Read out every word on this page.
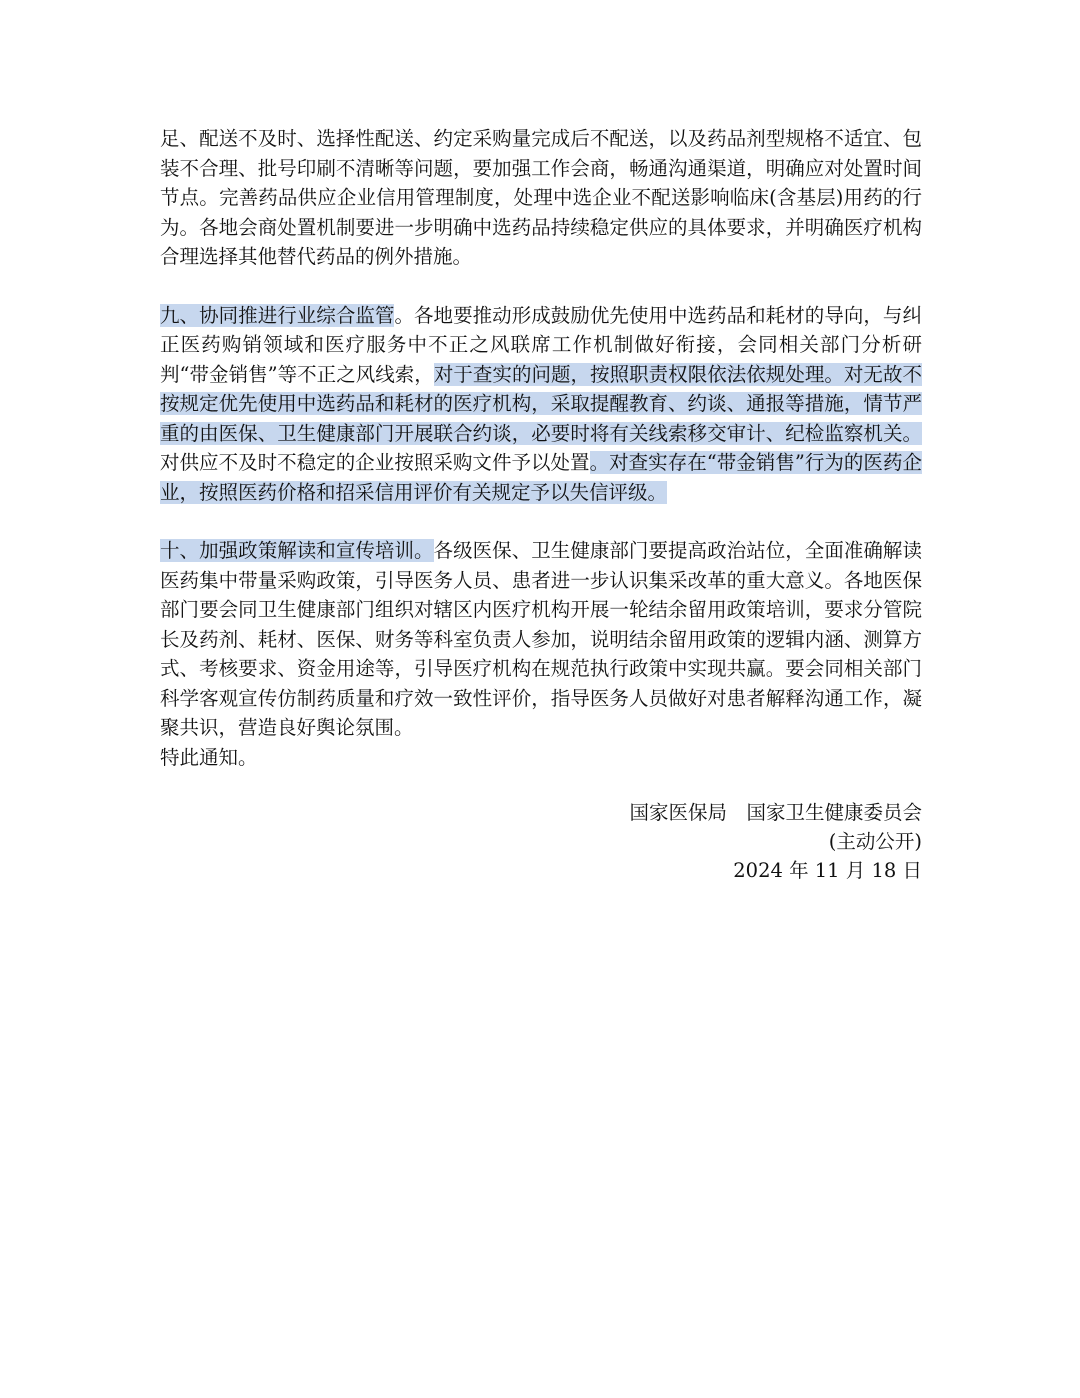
足、配送不及时、选择性配送、约定采购量完成后不配送，以及药品剂型规格不适宜、包装不合理、批号印刷不清晰等问题，要加强工作会商，畅通沟通渠道，明确应对处置时间节点。完善药品供应企业信用管理制度，处理中选企业不配送影响临床(含基层)用药的行为。各地会商处置机制要进一步明确中选药品持续稳定供应的具体要求，并明确医疗机构合理选择其他替代药品的例外措施。

九、协同推进行业综合监管。各地要推动形成鼓励优先使用中选药品和耗材的导向，与纠正医药购销领域和医疗服务中不正之风联席工作机制做好衔接，会同相关部门分析研判“带金销售”等不正之风线索，对于查实的问题，按照职责权限依法依规处理。对无故不按规定优先使用中选药品和耗材的医疗机构，采取提醒教育、约谈、通报等措施，情节严重的由医保、卫生健康部门开展联合约谈，必要时将有关线索移交审计、纪检监察机关。对供应不及时不稳定的企业按照采购文件予以处置。对查实存在“带金销售”行为的医药企业，按照医药价格和招采信用评价有关规定予以失信评级。

十、加强政策解读和宣传培训。各级医保、卫生健康部门要提高政治站位，全面准确解读医药集中带量采购政策，引导医务人员、患者进一步认识集采改革的重大意义。各地医保部门要会同卫生健康部门组织对辖区内医疗机构开展一轮结余留用政策培训，要求分管院长及药剂、耗材、医保、财务等科室负责人参加，说明结余留用政策的逻辑内涵、测算方式、考核要求、资金用途等，引导医疗机构在规范执行政策中实现共赢。要会同相关部门科学客观宣传仿制药质量和疗效一致性评价，指导医务人员做好对患者解释沟通工作，凝聚共识，营造良好舆论氛围。

特此通知。

国家医保局　国家卫生健康委员会
(主动公开)
2024 年 11 月 18 日
